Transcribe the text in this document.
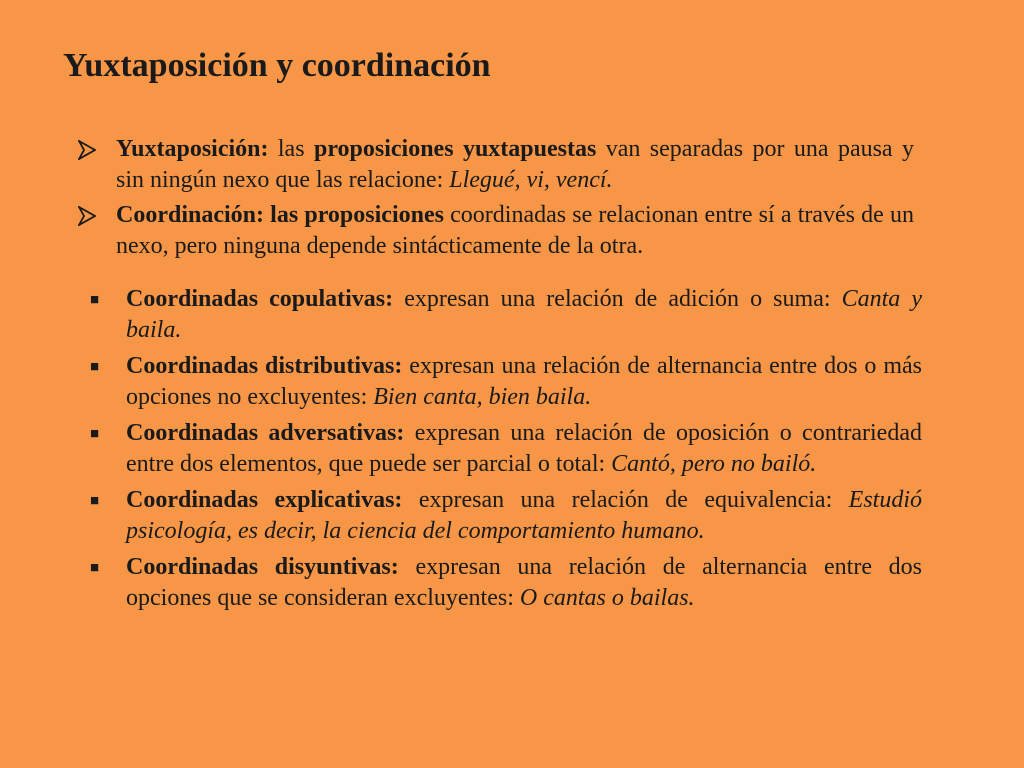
Yuxtaposición y coordinación
Yuxtaposición: las proposiciones yuxtapuestas van separadas por una pausa y sin ningún nexo que las relacione: Llegué, vi, vencí.
Coordinación: las proposiciones coordinadas se relacionan entre sí a través de un nexo, pero ninguna depende sintácticamente de la otra.
■ Coordinadas copulativas: expresan una relación de adición o suma: Canta y baila.
■ Coordinadas distributivas: expresan una relación de alternancia entre dos o más opciones no excluyentes: Bien canta, bien baila.
■ Coordinadas adversativas: expresan una relación de oposición o contrariedad entre dos elementos, que puede ser parcial o total: Cantó, pero no bailó.
■ Coordinadas explicativas: expresan una relación de equivalencia: Estudió psicología, es decir, la ciencia del comportamiento humano.
■ Coordinadas disyuntivas: expresan una relación de alternancia entre dos opciones que se consideran excluyentes: O cantas o bailas.
